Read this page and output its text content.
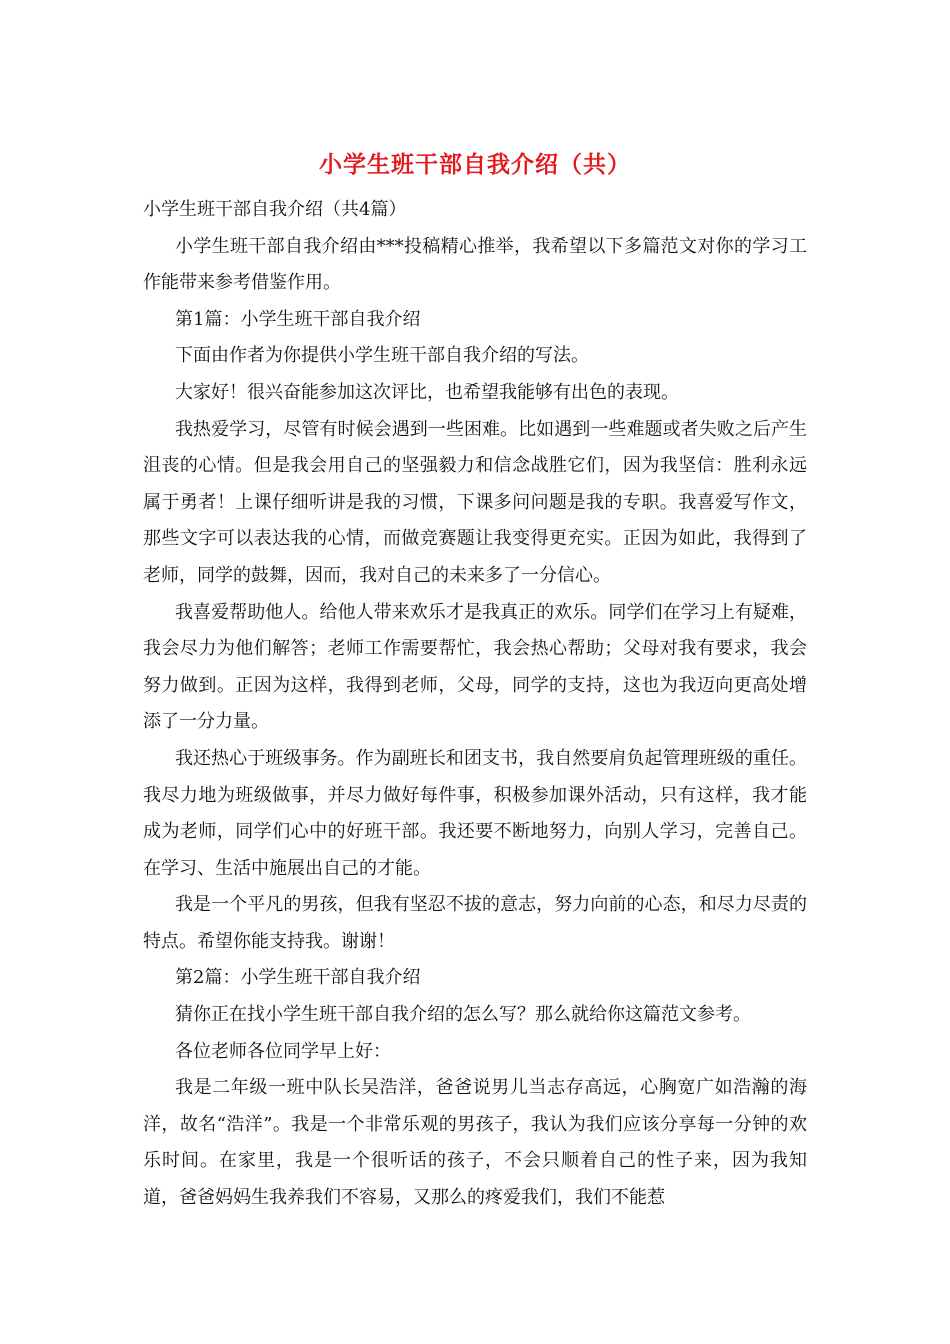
小学生班干部自我介绍（共）

小学生班干部自我介绍（共4篇）

小学生班干部自我介绍由***投稿精心推举，我希望以下多篇范文对你的学习工作能带来参考借鉴作用。

第1篇：小学生班干部自我介绍

下面由作者为你提供小学生班干部自我介绍的写法。

大家好！很兴奋能参加这次评比，也希望我能够有出色的表现。

我热爱学习，尽管有时候会遇到一些困难。比如遇到一些难题或者失败之后产生沮丧的心情。但是我会用自己的坚强毅力和信念战胜它们，因为我坚信：胜利永远属于勇者！上课仔细听讲是我的习惯，下课多问问题是我的专职。我喜爱写作文，那些文字可以表达我的心情，而做竞赛题让我变得更充实。正因为如此，我得到了老师，同学的鼓舞，因而，我对自己的未来多了一分信心。

我喜爱帮助他人。给他人带来欢乐才是我真正的欢乐。同学们在学习上有疑难，我会尽力为他们解答；老师工作需要帮忙，我会热心帮助；父母对我有要求，我会努力做到。正因为这样，我得到老师，父母，同学的支持，这也为我迈向更高处增添了一分力量。

我还热心于班级事务。作为副班长和团支书，我自然要肩负起管理班级的重任。我尽力地为班级做事，并尽力做好每件事，积极参加课外活动，只有这样，我才能成为老师，同学们心中的好班干部。我还要不断地努力，向别人学习，完善自己。在学习、生活中施展出自己的才能。

我是一个平凡的男孩，但我有坚忍不拔的意志，努力向前的心态，和尽力尽责的特点。希望你能支持我。谢谢！

第2篇：小学生班干部自我介绍

猜你正在找小学生班干部自我介绍的怎么写？那么就给你这篇范文参考。

各位老师各位同学早上好：

我是二年级一班中队长吴浩洋，爸爸说男儿当志存高远，心胸宽广如浩瀚的海洋，故名“浩洋”。我是一个非常乐观的男孩子，我认为我们应该分享每一分钟的欢乐时间。在家里，我是一个很听话的孩子，不会只顺着自己的性子来，因为我知道，爸爸妈妈生我养我们不容易，又那么的疼爱我们，我们不能惹
